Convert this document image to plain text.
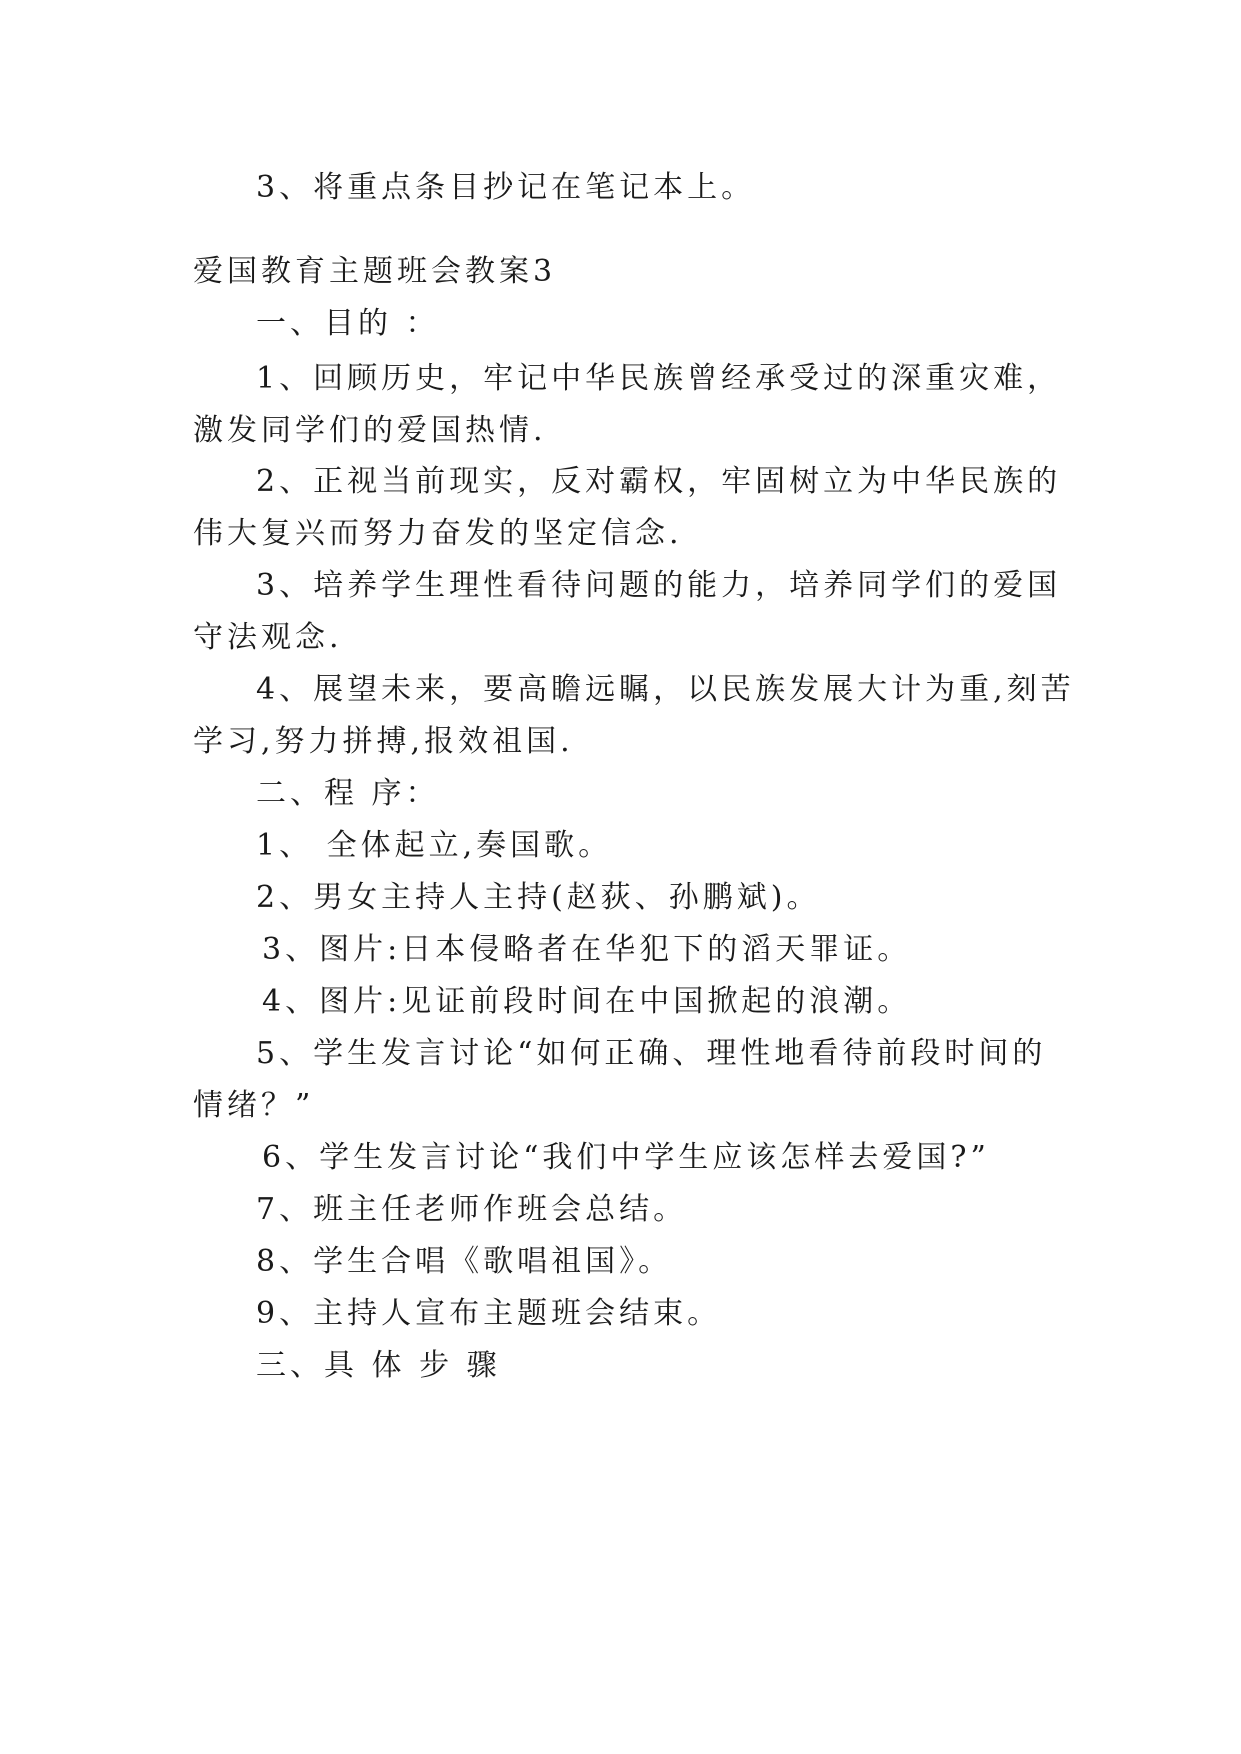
3、将重点条目抄记在笔记本上。

爱国教育主题班会教案3

一、目的 ：

1、回顾历史，牢记中华民族曾经承受过的深重灾难，

激发同学们的爱国热情.

2、正视当前现实，反对霸权，牢固树立为中华民族的

伟大复兴而努力奋发的坚定信念.

3、培养学生理性看待问题的能力，培养同学们的爱国

守法观念.

4、展望未来，要高瞻远瞩，以民族发展大计为重,刻苦

学习,努力拼搏,报效祖国.

二、程 序：

1、 全体起立,奏国歌。

2、男女主持人主持(赵荻、孙鹏斌)。

3、图片:日本侵略者在华犯下的滔天罪证。

4、图片:见证前段时间在中国掀起的浪潮。

5、学生发言讨论“如何正确、理性地看待前段时间的

情绪？”

6、学生发言讨论“我们中学生应该怎样去爱国?”

7、班主任老师作班会总结。

8、学生合唱《歌唱祖国》。

9、主持人宣布主题班会结束。

三、具 体 步 骤
